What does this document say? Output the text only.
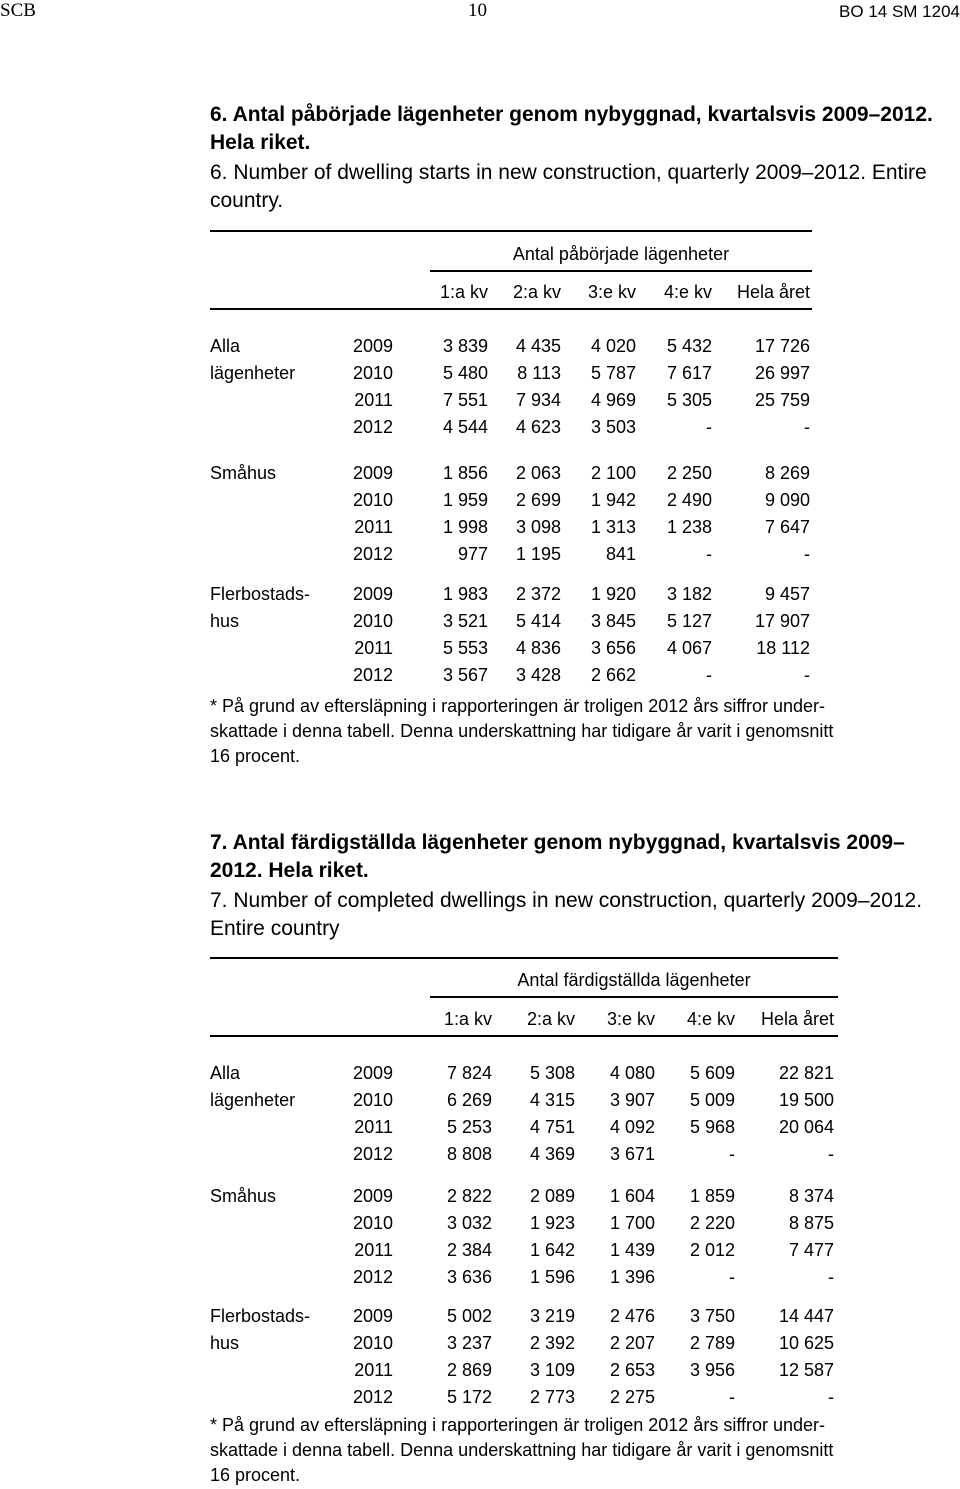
SCB	10	BO 14 SM 1204
6. Antal påbörjade lägenheter genom nybyggnad, kvartalsvis 2009–2012. Hela riket.
6. Number of dwelling starts in new construction, quarterly 2009–2012. Entire country.
Antal påbörjade lägenheter
1:a kv	2:a kv	3:e kv	4:e kv	Hela året
Alla
lägenheter
2009	3 839	4 435	4 020	5 432	17 726
2010	5 480	8 113	5 787	7 617	26 997
2011	7 551	7 934	4 969	5 305	25 759
2012	4 544	4 623	3 503	-	-
Småhus	2009	1 856	2 063	2 100	2 250	8 269
2010	1 959	2 699	1 942	2 490	9 090
2011	1 998	3 098	1 313	1 238	7 647
2012	977	1 195	841	-	-
Flerbostads-
hus
2009	1 983	2 372	1 920	3 182	9 457
2010	3 521	5 414	3 845	5 127	17 907
2011	5 553	4 836	3 656	4 067	18 112
2012	3 567	3 428	2 662	-	-
* På grund av eftersläpning i rapporteringen är troligen 2012 års siffror under-
skattade i denna tabell. Denna underskattning har tidigare år varit i genomsnitt
16 procent.
7. Antal färdigställda lägenheter genom nybyggnad, kvartalsvis 2009–2012. Hela riket.
7. Number of completed dwellings in new construction, quarterly 2009–2012. Entire country
Antal färdigställda lägenheter
1:a kv	2:a kv	3:e kv	4:e kv	Hela året
Alla
lägenheter
2009	7 824	5 308	4 080	5 609	22 821
2010	6 269	4 315	3 907	5 009	19 500
2011	5 253	4 751	4 092	5 968	20 064
2012	8 808	4 369	3 671	-	-
Småhus	2009	2 822	2 089	1 604	1 859	8 374
2010	3 032	1 923	1 700	2 220	8 875
2011	2 384	1 642	1 439	2 012	7 477
2012	3 636	1 596	1 396	-	-
Flerbostads-
hus
2009	5 002	3 219	2 476	3 750	14 447
2010	3 237	2 392	2 207	2 789	10 625
2011	2 869	3 109	2 653	3 956	12 587
2012	5 172	2 773	2 275	-	-
* På grund av eftersläpning i rapporteringen är troligen 2012 års siffror under-
skattade i denna tabell. Denna underskattning har tidigare år varit i genomsnitt
16 procent.
